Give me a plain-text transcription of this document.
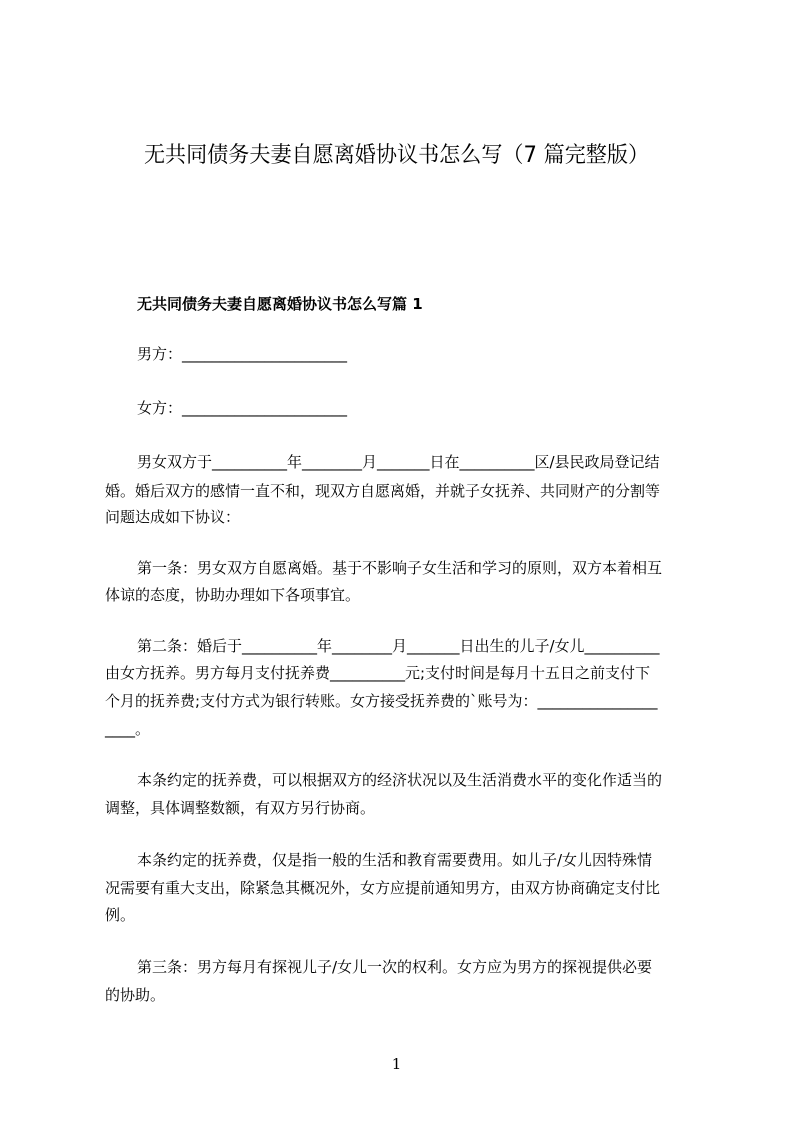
无共同债务夫妻自愿离婚协议书怎么写（7 篇完整版）
无共同债务夫妻自愿离婚协议书怎么写篇 1

男方：______________________

女方：______________________

男女双方于__________年________月_______日在__________区/县民政局登记结

婚。婚后双方的感情一直不和，现双方自愿离婚，并就子女抚养、共同财产的分割等

问题达成如下协议：

第一条：男女双方自愿离婚。基于不影响子女生活和学习的原则，双方本着相互

体谅的态度，协助办理如下各项事宜。

第二条：婚后于__________年________月_______日出生的儿子/女儿__________

由女方抚养。男方每月支付抚养费__________元;支付时间是每月十五日之前支付下

个月的抚养费;支付方式为银行转账。女方接受抚养费的`账号为：________________

____。

本条约定的抚养费，可以根据双方的经济状况以及生活消费水平的变化作适当的

调整，具体调整数额，有双方另行协商。

本条约定的抚养费，仅是指一般的生活和教育需要费用。如儿子/女儿因特殊情

况需要有重大支出，除紧急其概况外，女方应提前通知男方，由双方协商确定支付比

例。

第三条：男方每月有探视儿子/女儿一次的权利。女方应为男方的探视提供必要

的协助。

1
